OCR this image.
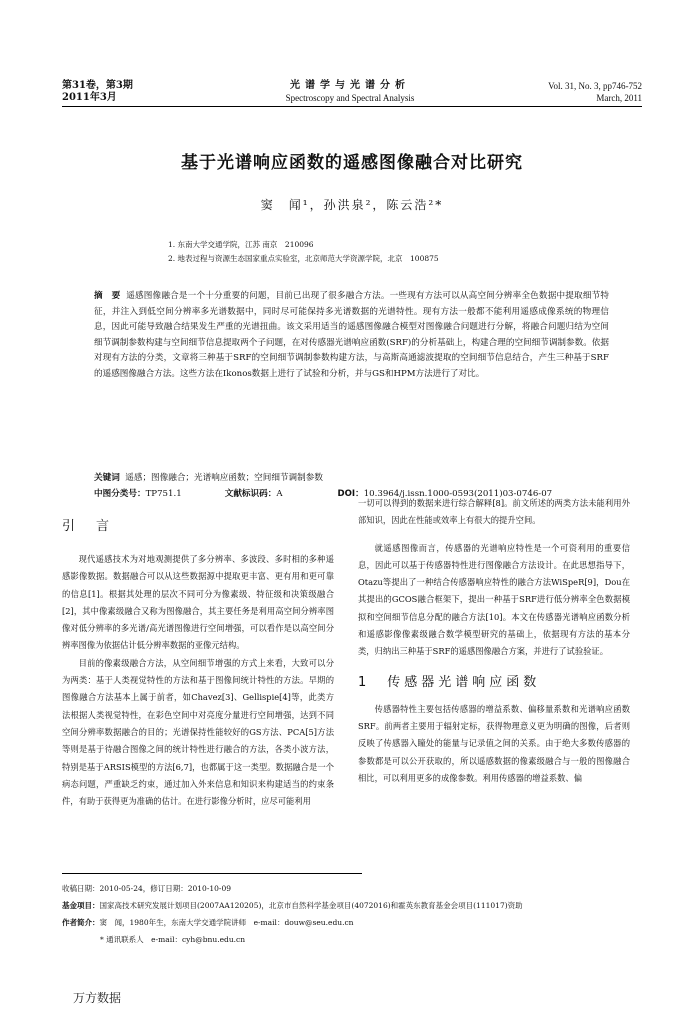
第31卷，第3期
2011年3月
光谱学与光谱分析
Spectroscopy and Spectral Analysis
Vol. 31, No. 3, pp746-752
March, 2011
基于光谱响应函数的遥感图像融合对比研究
窦　闻¹，孙洪泉²，陈云浩²*
1. 东南大学交通学院，江苏 南京　210096
2. 地表过程与资源生态国家重点实验室，北京师范大学资源学院，北京　100875
摘　要 遥感图像融合是一个十分重要的问题，目前已出现了很多融合方法。一些现有方法可以从高空间分辨率全色数据中提取细节特征，并注入到低空间分辨率多光谱数据中，同时尽可能保持多光谱数据的光谱特性。现有方法一般都不能利用遥感成像系统的物理信息，因此可能导致融合结果发生严重的光谱扭曲。该文采用适当的遥感图像融合模型对图像融合问题进行分解，将融合问题归结为空间细节调制参数构建与空间细节信息提取两个子问题，在对传感器光谱响应函数(SRF)的分析基础上，构建合理的空间细节调制参数。依据对现有方法的分类，文章将三种基于SRF的空间细节调制参数构建方法，与高斯高通滤波提取的空间细节信息结合，产生三种基于SRF的遥感图像融合方法。这些方法在Ikonos数据上进行了试验和分析，并与GS和HPM方法进行了对比。
关键词 遥感；图像融合；光谱响应函数；空间细节调制参数
中图分类号：TP751.1	文献标识码：A	DOI：10.3964/j.issn.1000-0593(2011)03-0746-07

引　言

现代遥感技术为对地观测提供了多分辨率、多波段、多时相的多种遥感影像数据。数据融合可以从这些数据源中提取更丰富、更有用和更可靠的信息[1]。根据其处理的层次不同可分为像素级、特征级和决策级融合[2]，其中像素级融合又称为图像融合，其主要任务是利用高空间分辨率图像对低分辨率的多光谱/高光谱图像进行空间增强，可以看作是以高空间分辨率图像为依据估计低分辨率数据的亚像元结构。

目前的像素级融合方法，从空间细节增强的方式上来看，大致可以分为两类：基于人类视觉特性的方法和基于图像间统计特性的方法。早期的图像融合方法基本上属于前者，如Chavez[3]、Gellispie[4]等，此类方法根据人类视觉特性，在彩色空间中对亮度分量进行空间增强，达到不同空间分辨率数据融合的目的；光谱保持性能较好的GS方法、PCA[5]方法等则是基于待融合图像之间的统计特性进行融合的方法，各类小波方法，特别是基于ARSIS模型的方法[6,7]，也都属于这一类型。数据融合是一个病态问题，严重缺乏约束，通过加入外来信息和知识来构建适当的约束条件，有助于获得更为准确的估计。在进行影像分析时，应尽可能利用

一切可以得到的数据来进行综合解释[8]。前文所述的两类方法未能利用外部知识，因此在性能或效率上有很大的提升空间。

就遥感图像而言，传感器的光谱响应特性是一个可资利用的重要信息，因此可以基于传感器特性进行图像融合方法设计。在此思想指导下，Otazu等提出了一种结合传感器响应特性的融合方法WiSpeR[9]，Dou在其提出的GCOS融合框架下，提出一种基于SRF进行低分辨率全色数据模拟和空间细节信息分配的融合方法[10]。本文在传感器光谱响应函数分析和遥感影像像素级融合数学模型研究的基础上，依据现有方法的基本分类，归纳出三种基于SRF的遥感图像融合方案，并进行了试验验证。

1　传感器光谱响应函数

传感器特性主要包括传感器的增益系数、偏移量系数和光谱响应函数SRF。前两者主要用于辐射定标，获得物理意义更为明确的图像，后者则反映了传感器入瞳处的能量与记录值之间的关系。由于绝大多数传感器的参数都是可以公开获取的，所以遥感数据的像素级融合与一般的图像融合相比，可以利用更多的成像参数。利用传感器的增益系数、偏

收稿日期：2010-05-24，修订日期：2010-10-09
基金项目：国家高技术研究发展计划项目(2007AA120205)，北京市自然科学基金项目(4072016)和霍英东教育基金会项目(111017)资助
作者简介：窦　闻，1980年生，东南大学交通学院讲师　e-mail：douw@seu.edu.cn
* 通讯联系人　e-mail：cyh@bnu.edu.cn
万方数据
